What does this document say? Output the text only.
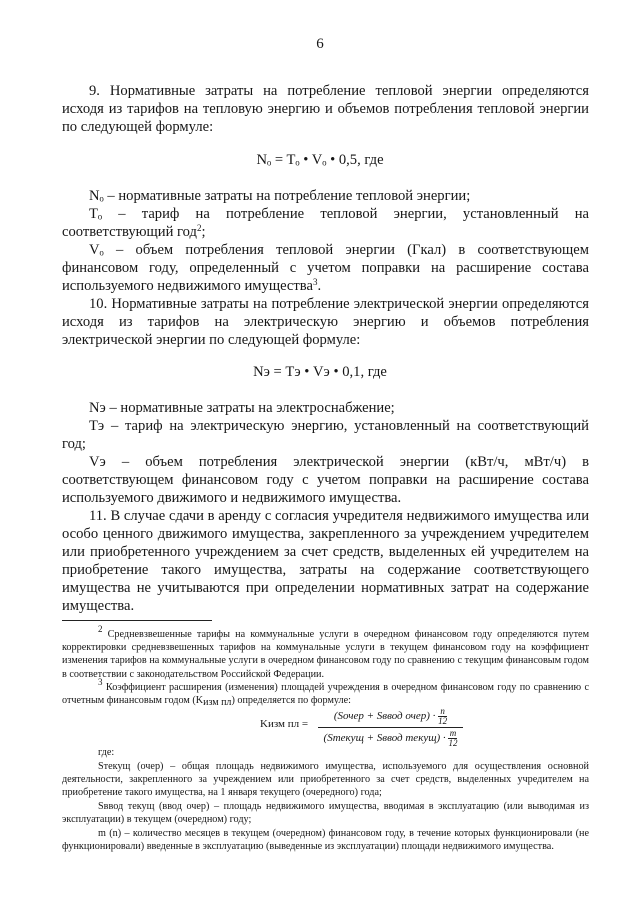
6
9. Нормативные затраты на потребление тепловой энергии определяются исходя из тарифов на тепловую энергию и объемов потребления тепловой энергии по следующей формуле:
Nₒ = Tₒ • Vₒ • 0,5, где
Nₒ – нормативные затраты на потребление тепловой энергии;
Tₒ – тариф на потребление тепловой энергии, установленный на соответствующий год$^2$;
Vₒ – объем потребления тепловой энергии (Гкал) в соответствующем финансовом году, определенный с учетом поправки на расширение состава используемого недвижимого имущества$^3$.
10. Нормативные затраты на потребление электрической энергии определяются исходя из тарифов на электрическую энергию и объемов потребления электрической энергии по следующей формуле:
Nэ = Tэ • Vэ • 0,1, где
Nэ – нормативные затраты на электроснабжение;
Tэ – тариф на электрическую энергию, установленный на соответствующий год;
Vэ – объем потребления электрической энергии (кВт/ч, мВт/ч) в соответствующем финансовом году с учетом поправки на расширение состава используемого движимого и недвижимого имущества.
11. В случае сдачи в аренду с согласия учредителя недвижимого имущества или особо ценного движимого имущества, закрепленного за учреждением учредителем или приобретенного учреждением за счет средств, выделенных ей учредителем на приобретение такого имущества, затраты на содержание соответствующего имущества не учитываются при определении нормативных затрат на содержание имущества.
$^2$ Средневзвешенные тарифы на коммунальные услуги в очередном финансовом году определяются путем корректировки средневзвешенных тарифов на коммунальные услуги в текущем финансовом году на коэффициент изменения тарифов на коммунальные услуги в очередном финансовом году по сравнению с текущим финансовым годом в соответствии с законодательством Российской Федерации.
$^3$ Коэффициент расширения (изменения) площадей учреждения в очередном финансовом году по сравнению с отчетным финансовым годом $(K_{изм пл})$ определяется по формуле:
Kизм пл =
(Sочер + Sввод очер) · $\frac{n}{12}$
(Sтекущ + Sввод текущ) · $\frac{m}{12}$
где:
Sтекущ (очер) – общая площадь недвижимого имущества, используемого для осуществления основной деятельности, закрепленного за учреждением или приобретенного за счет средств, выделенных учредителем на приобретение такого имущества, на 1 января текущего (очередного) года;
Sввод текущ (ввод очер) – площадь недвижимого имущества, вводимая в эксплуатацию (или выводимая из эксплуатации) в текущем (очередном) году;
m (n) – количество месяцев в текущем (очередном) финансовом году, в течение которых функционировали (не функционировали) введенные в эксплуатацию (выведенные из эксплуатации) площади недвижимого имущества.
